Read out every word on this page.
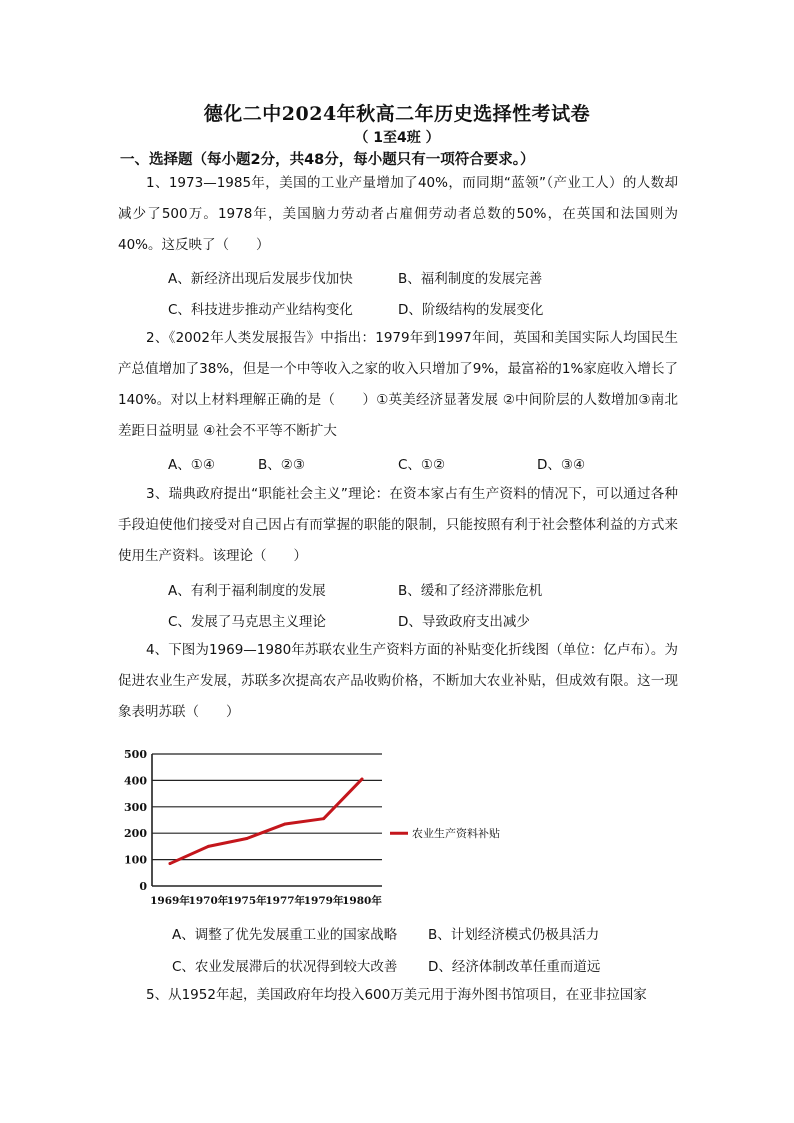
德化二中2024年秋高二年历史选择性考试卷
（ 1至4班 ）
一、选择题（每小题2分，共48分，每小题只有一项符合要求。）
1、1973—1985年，美国的工业产量增加了40%，而同期“蓝领”（产业工人）的人数却减少了500万。1978年，美国脑力劳动者占雇佣劳动者总数的50%，在英国和法国则为40%。这反映了（　　）
A、新经济出现后发展步伐加快	B、福利制度的发展完善
C、科技进步推动产业结构变化	D、阶级结构的发展变化
2、《2002年人类发展报告》中指出：1979年到1997年间，英国和美国实际人均国民生产总值增加了38%，但是一个中等收入之家的收入只增加了9%，最富裕的1%家庭收入增长了140%。对以上材料理解正确的是（　　）①英美经济显著发展 ②中间阶层的人数增加③南北差距日益明显 ④社会不平等不断扩大
A、①④	B、②③	C、①②	D、③④
3、瑞典政府提出“职能社会主义”理论：在资本家占有生产资料的情况下，可以通过各种手段迫使他们接受对自己因占有而掌握的职能的限制，只能按照有利于社会整体利益的方式来使用生产资料。该理论（　　）
A、有利于福利制度的发展	B、缓和了经济滞胀危机
C、发展了马克思主义理论	D、导致政府支出减少
4、下图为1969—1980年苏联农业生产资料方面的补贴变化折线图（单位：亿卢布）。为促进农业生产发展，苏联多次提高农产品收购价格，不断加大农业补贴，但成效有限。这一现象表明苏联（　　）
0
100
200
300
400
500
1969年
1970年
1975年
1977年
1979年
1980年
农业生产资料补贴
A、调整了优先发展重工业的国家战略 B、计划经济模式仍极具活力
C、农业发展滞后的状况得到较大改善 D、经济体制改革任重而道远
5、从1952年起，美国政府年均投入600万美元用于海外图书馆项目，在亚非拉国家
